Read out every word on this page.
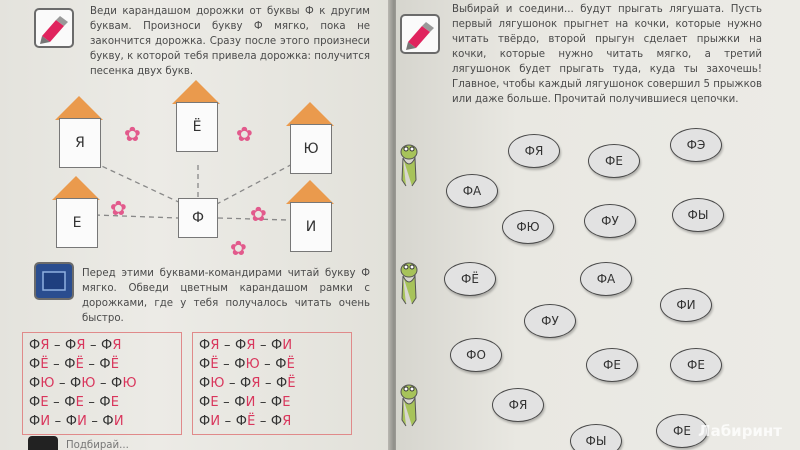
Веди карандашом дорожки от буквы Ф к другим буквам. Произноси букву Ф мягко, пока не закончится дорожка. Сразу после этого произнеси букву, к которой тебя привела дорожка: получится песенка двух букв.
Я
Ё
Ю
Е	И
Ф
✿	✿
✿	✿
✿
Перед этими буквами-командирами читай букву Ф мягко. Обведи цветным карандашом рамки с дорожками, где у тебя получалось читать очень быстро.
ФЯ – ФЯ – ФЯ
ФЁ – ФЁ – ФЁ
ФЮ – ФЮ – ФЮ
ФЕ – ФЕ – ФЕ
ФИ – ФИ – ФИ
ФЯ – ФЯ – ФИ
ФЁ – ФЮ – ФЁ
ФЮ – ФЯ – ФЁ
ФЕ – ФИ – ФЕ
ФИ – ФЁ – ФЯ
Подбирай...
Выбирай и соедини... будут прыгать лягушата. Пусть первый лягушонок прыгнет на кочки, которые нужно читать твёрдо, второй прыгун сделает прыжки на кочки, которые нужно читать мягко, а третий лягушонок будет прыгать туда, куда ты захочешь! Главное, чтобы каждый лягушонок совершил 5 прыжков или даже больше. Прочитай получившиеся цепочки.
ФЯ
ФЕ
ФЭ
ФА
ФЮ	ФУ	ФЫ
ФЁ	ФА
ФИ
ФУ
ФО
ФЕ	ФЕ
ФЯ
ФЫ
ФЕ Лабиринт
